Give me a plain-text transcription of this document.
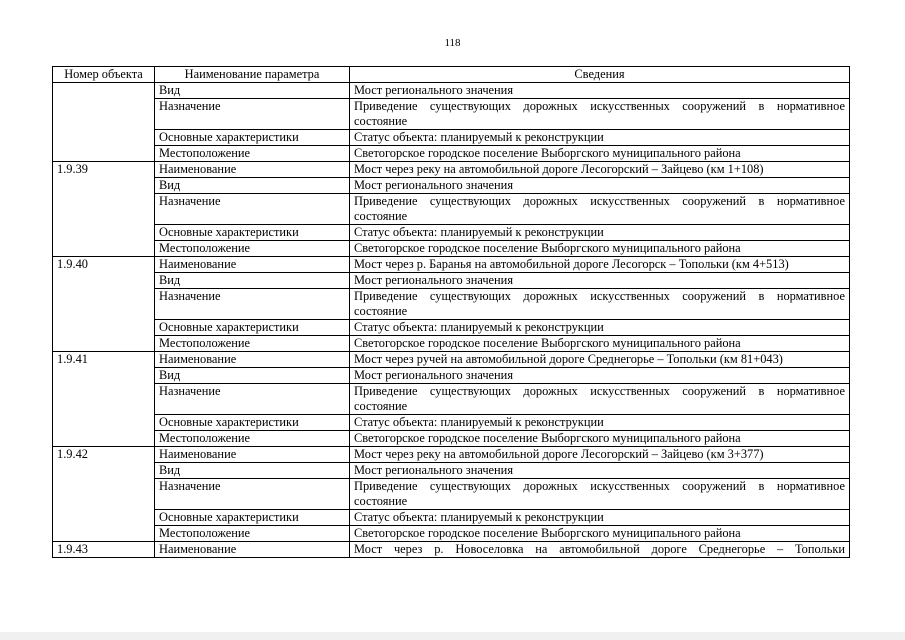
118
Номер объекта	Наименование параметра	Сведения
	Вид	Мост регионального значения
	Назначение	Приведение существующих дорожных искусственных сооружений в нормативное состояние
	Основные характеристики	Статус объекта: планируемый к реконструкции
	Местоположение	Светогорское городское поселение Выборгского муниципального района
1.9.39	Наименование	Мост через реку на автомобильной дороге Лесогорский – Зайцево (км 1+108)
	Вид	Мост регионального значения
	Назначение	Приведение существующих дорожных искусственных сооружений в нормативное состояние
	Основные характеристики	Статус объекта: планируемый к реконструкции
	Местоположение	Светогорское городское поселение Выборгского муниципального района
1.9.40	Наименование	Мост через р. Баранья на автомобильной дороге Лесогорск – Топольки (км 4+513)
	Вид	Мост регионального значения
	Назначение	Приведение существующих дорожных искусственных сооружений в нормативное состояние
	Основные характеристики	Статус объекта: планируемый к реконструкции
	Местоположение	Светогорское городское поселение Выборгского муниципального района
1.9.41	Наименование	Мост через ручей на автомобильной дороге Среднегорье – Топольки (км 81+043)
	Вид	Мост регионального значения
	Назначение	Приведение существующих дорожных искусственных сооружений в нормативное состояние
	Основные характеристики	Статус объекта: планируемый к реконструкции
	Местоположение	Светогорское городское поселение Выборгского муниципального района
1.9.42	Наименование	Мост через реку на автомобильной дороге Лесогорский – Зайцево (км 3+377)
	Вид	Мост регионального значения
	Назначение	Приведение существующих дорожных искусственных сооружений в нормативное состояние
	Основные характеристики	Статус объекта: планируемый к реконструкции
	Местоположение	Светогорское городское поселение Выборгского муниципального района
1.9.43	Наименование	Мост через р. Новоселовка на автомобильной дороге Среднегорье – Топольки
